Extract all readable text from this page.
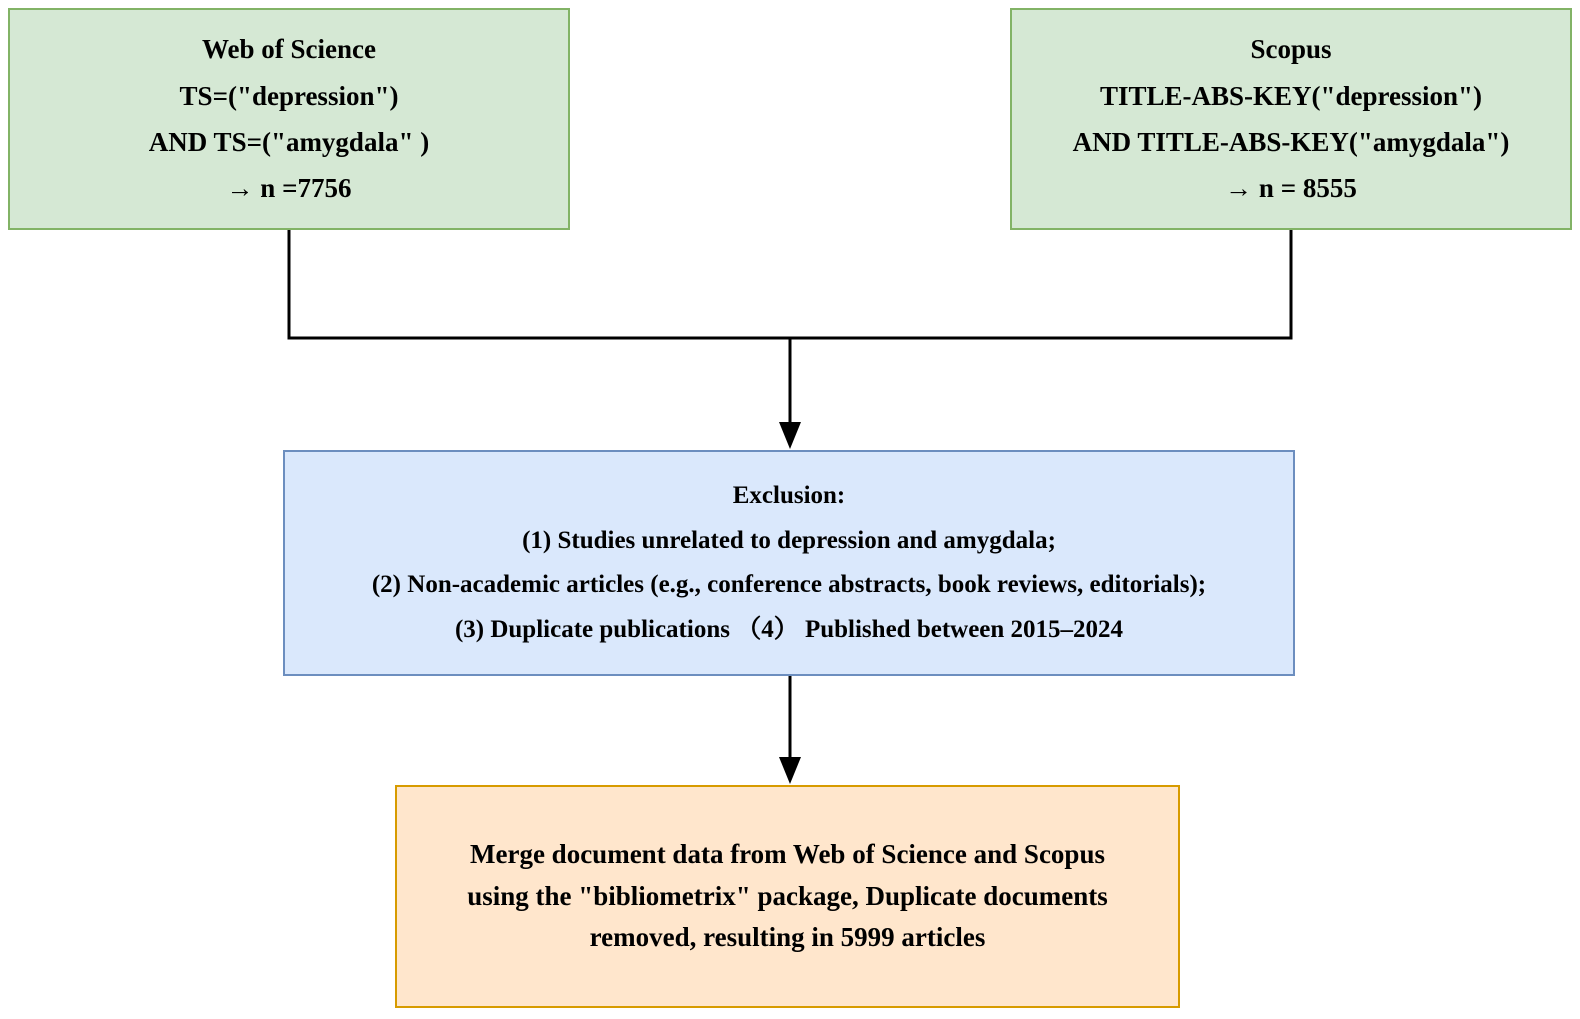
Web of Science
TS=("depression")
AND TS=("amygdala" )
→ n =7756
Scopus
TITLE-ABS-KEY("depression")
AND TITLE-ABS-KEY("amygdala")
→ n = 8555
Exclusion:
(1) Studies unrelated to depression and amygdala;
(2) Non-academic articles (e.g., conference abstracts, book reviews, editorials);
(3) Duplicate publications （4） Published between 2015–2024
Merge document data from Web of Science and Scopus
using the "bibliometrix" package, Duplicate documents
removed, resulting in 5999 articles
